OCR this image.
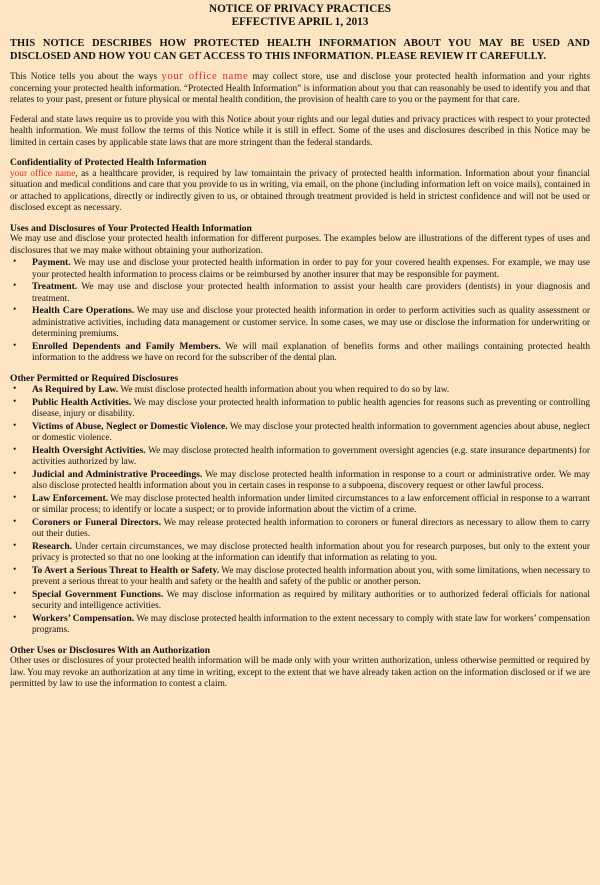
NOTICE OF PRIVACY PRACTICES
EFFECTIVE APRIL 1, 2013
THIS NOTICE DESCRIBES HOW PROTECTED HEALTH INFORMATION ABOUT YOU MAY BE USED AND DISCLOSED AND HOW YOU CAN GET ACCESS TO THIS INFORMATION. PLEASE REVIEW IT CAREFULLY.

This Notice tells you about the ways your office name may collect store, use and disclose your protected health information and your rights concerning your protected health information. “Protected Health Information” is information about you that can reasonably be used to identify you and that relates to your past, present or future physical or mental health condition, the provision of health care to you or the payment for that care.

Federal and state laws require us to provide you with this Notice about your rights and our legal duties and privacy practices with respect to your protected health information. We must follow the terms of this Notice while it is still in effect. Some of the uses and disclosures described in this Notice may be limited in certain cases by applicable state laws that are more stringent than the federal standards.

Confidentiality of Protected Health Information

your office name, as a healthcare provider, is required by law tomaintain the privacy of protected health information. Information about your financial situation and medical conditions and care that you provide to us in writing, via email, on the phone (including information left on voice mails), contained in or attached to applications, directly or indirectly given to us, or obtained through treatment provided is held in strictest confidence and will not be used or disclosed except as necessary.

Uses and Disclosures of Your Protected Health Information

We may use and disclose your protected health information for different purposes. The examples below are illustrations of the different types of uses and disclosures that we may make without obtaining your authorization.

• Payment. We may use and disclose your protected health information in order to pay for your covered health expenses. For example, we may use your protected health information to process claims or be reimbursed by another insurer that may be responsible for payment.
• Treatment. We may use and disclose your protected health information to assist your health care providers (dentists) in your diagnosis and treatment.
• Health Care Operations. We may use and disclose your protected health information in order to perform activities such as quality assessment or administrative activities, including data management or customer service. In some cases, we may use or disclose the information for underwriting or determining premiums.
• Enrolled Dependents and Family Members. We will mail explanation of benefits forms and other mailings containing protected health information to the address we have on record for the subscriber of the dental plan.
Other Permitted or Required Disclosures
• As Required by Law. We must disclose protected health information about you when required to do so by law.
• Public Health Activities. We may disclose your protected health information to public health agencies for reasons such as preventing or controlling disease, injury or disability.
• Victims of Abuse, Neglect or Domestic Violence. We may disclose your protected health information to government agencies about abuse, neglect or domestic violence.
• Health Oversight Activities. We may disclose protected health information to government oversight agencies (e.g. state insurance departments) for activities authorized by law.
• Judicial and Administrative Proceedings. We may disclose protected health information in response to a court or administrative order. We may also disclose protected health information about you in certain cases in response to a subpoena, discovery request or other lawful process.
• Law Enforcement. We may disclose protected health information under limited circumstances to a law enforcement official in response to a warrant or similar process; to identify or locate a suspect; or to provide information about the victim of a crime.
• Coroners or Funeral Directors. We may release protected health information to coroners or funeral directors as necessary to allow them to carry out their duties.
• Research. Under certain circumstances, we may disclose protected health information about you for research purposes, but only to the extent your privacy is protected so that no one looking at the information can identify that information as relating to you.
• To Avert a Serious Threat to Health or Safety. We may disclose protected health information about you, with some limitations, when necessary to prevent a serious threat to your health and safety or the health and safety of the public or another person.
• Special Government Functions. We may disclose information as required by military authorities or to authorized federal officials for national security and intelligence activities.
• Workers’ Compensation. We may disclose protected health information to the extent necessary to comply with state law for workers’ compensation programs.
Other Uses or Disclosures With an Authorization

Other uses or disclosures of your protected health information will be made only with your written authorization, unless otherwise permitted or required by law. You may revoke an authorization at any time in writing, except to the extent that we have already taken action on the information disclosed or if we are permitted by law to use the information to contest a claim.
